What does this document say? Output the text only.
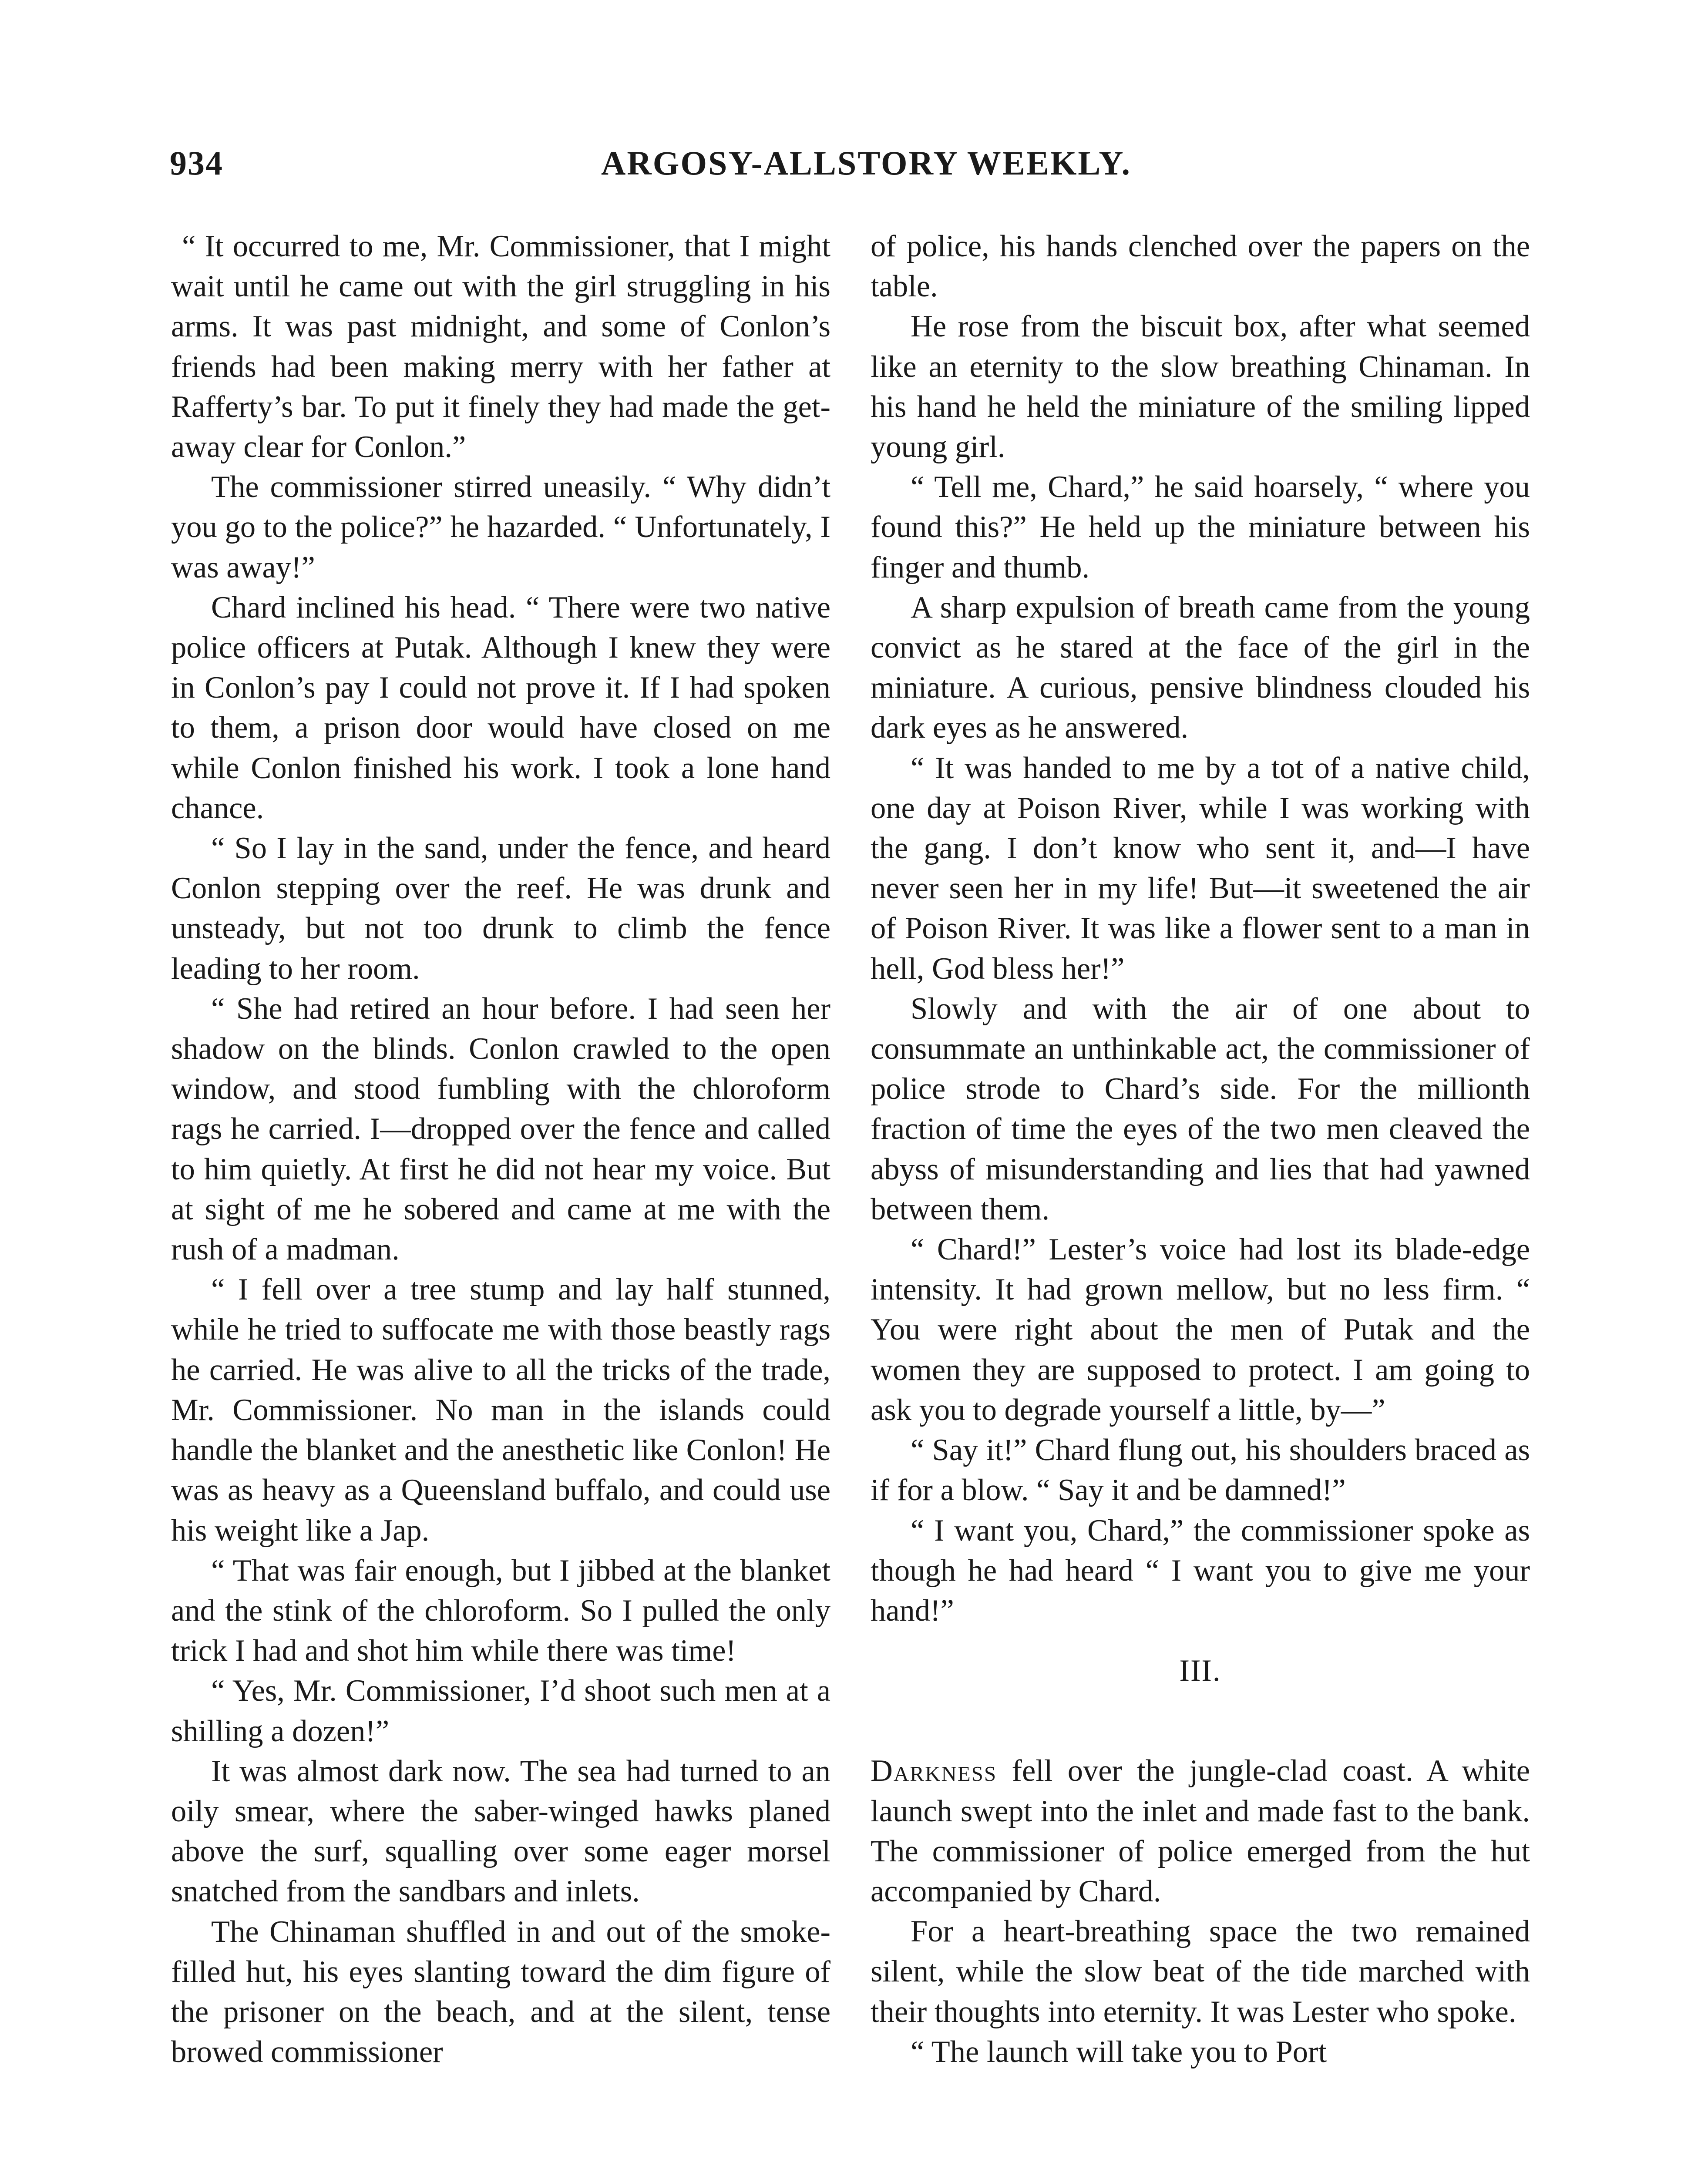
934	ARGOSY-ALLSTORY WEEKLY.

“ It occurred to me, Mr. Commissioner, that I might wait until he came out with the girl struggling in his arms. It was past midnight, and some of Conlon’s friends had been making merry with her father at Rafferty’s bar. To put it finely they had made the get-away clear for Conlon.”

The commissioner stirred uneasily. “ Why didn’t you go to the police?” he hazarded. “ Unfortunately, I was away!”

Chard inclined his head. “ There were two native police officers at Putak. Although I knew they were in Conlon’s pay I could not prove it. If I had spoken to them, a prison door would have closed on me while Conlon finished his work. I took a lone hand chance.

“ So I lay in the sand, under the fence, and heard Conlon stepping over the reef. He was drunk and unsteady, but not too drunk to climb the fence leading to her room.

“ She had retired an hour before. I had seen her shadow on the blinds. Conlon crawled to the open window, and stood fumbling with the chloroform rags he carried. I—dropped over the fence and called to him quietly. At first he did not hear my voice. But at sight of me he sobered and came at me with the rush of a madman.

“ I fell over a tree stump and lay half stunned, while he tried to suffocate me with those beastly rags he carried. He was alive to all the tricks of the trade, Mr. Commissioner. No man in the islands could handle the blanket and the anesthetic like Conlon! He was as heavy as a Queensland buffalo, and could use his weight like a Jap.

“ That was fair enough, but I jibbed at the blanket and the stink of the chloroform. So I pulled the only trick I had and shot him while there was time!

“ Yes, Mr. Commissioner, I’d shoot such men at a shilling a dozen!”

It was almost dark now. The sea had turned to an oily smear, where the saber-winged hawks planed above the surf, squalling over some eager morsel snatched from the sandbars and inlets.

The Chinaman shuffled in and out of the smoke-filled hut, his eyes slanting toward the dim figure of the prisoner on the beach, and at the silent, tense browed commissioner

of police, his hands clenched over the papers on the table.

He rose from the biscuit box, after what seemed like an eternity to the slow breathing Chinaman. In his hand he held the miniature of the smiling lipped young girl.

“ Tell me, Chard,” he said hoarsely, “ where you found this?” He held up the miniature between his finger and thumb.

A sharp expulsion of breath came from the young convict as he stared at the face of the girl in the miniature. A curious, pensive blindness clouded his dark eyes as he answered.

“ It was handed to me by a tot of a native child, one day at Poison River, while I was working with the gang. I don’t know who sent it, and—I have never seen her in my life! But—it sweetened the air of Poison River. It was like a flower sent to a man in hell, God bless her!”

Slowly and with the air of one about to consummate an unthinkable act, the commissioner of police strode to Chard’s side. For the millionth fraction of time the eyes of the two men cleaved the abyss of misunderstanding and lies that had yawned between them.

“ Chard!” Lester’s voice had lost its blade-edge intensity. It had grown mellow, but no less firm. “ You were right about the men of Putak and the women they are supposed to protect. I am going to ask you to degrade yourself a little, by—”

“ Say it!” Chard flung out, his shoulders braced as if for a blow. “ Say it and be damned!”

“ I want you, Chard,” the commissioner spoke as though he had heard “ I want you to give me your hand!”

III.

Darkness fell over the jungle-clad coast. A white launch swept into the inlet and made fast to the bank. The commissioner of police emerged from the hut accompanied by Chard.

For a heart-breathing space the two remained silent, while the slow beat of the tide marched with their thoughts into eternity. It was Lester who spoke.

“ The launch will take you to Port
